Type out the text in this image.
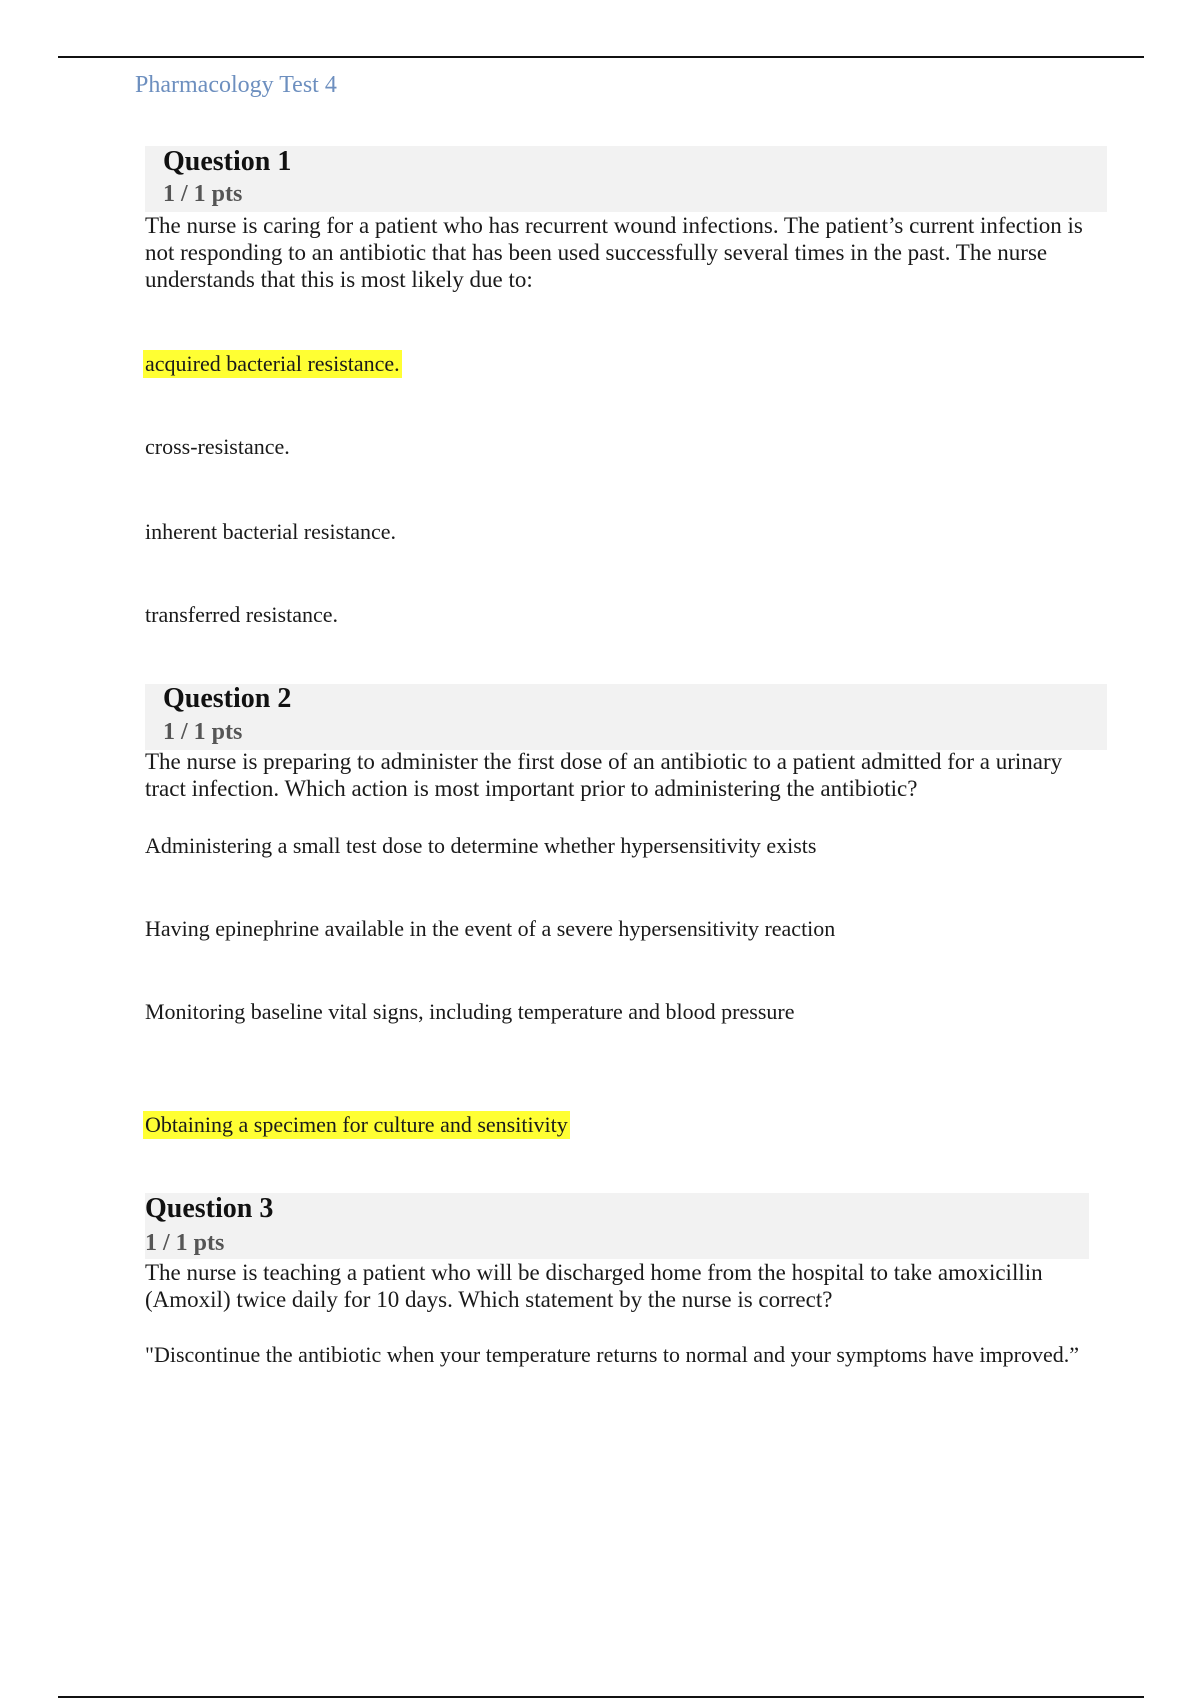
Pharmacology Test 4
Question 1
1 / 1 pts
The nurse is caring for a patient who has recurrent wound infections. The patient’s current infection is not responding to an antibiotic that has been used successfully several times in the past. The nurse understands that this is most likely due to:
acquired bacterial resistance.
cross-resistance.
inherent bacterial resistance.
transferred resistance.
Question 2
1 / 1 pts
The nurse is preparing to administer the first dose of an antibiotic to a patient admitted for a urinary tract infection. Which action is most important prior to administering the antibiotic?
Administering a small test dose to determine whether hypersensitivity exists
Having epinephrine available in the event of a severe hypersensitivity reaction
Monitoring baseline vital signs, including temperature and blood pressure
Obtaining a specimen for culture and sensitivity
Question 3
1 / 1 pts
The nurse is teaching a patient who will be discharged home from the hospital to take amoxicillin (Amoxil) twice daily for 10 days. Which statement by the nurse is correct?
"Discontinue the antibiotic when your temperature returns to normal and your symptoms have improved.”
